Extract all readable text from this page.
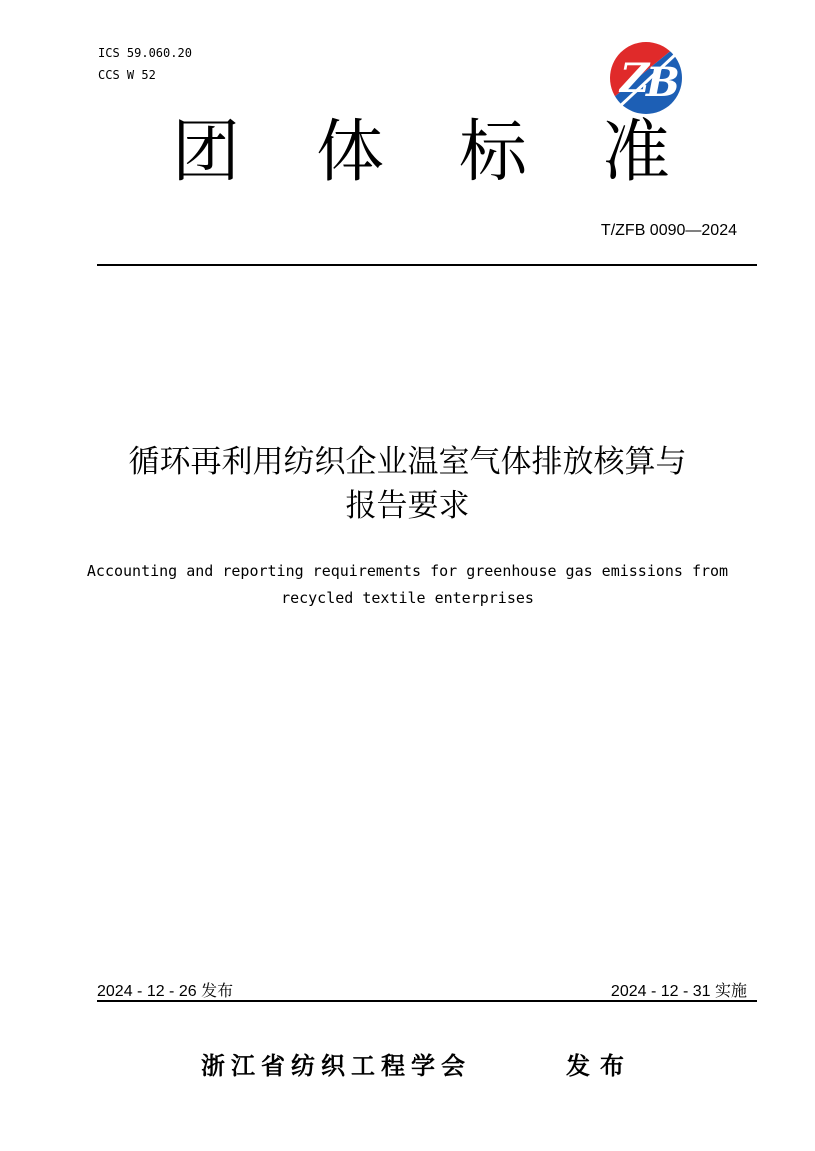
ICS 59.060.20
CCS W 52	Z
B
团 体 标 准
T/ZFB 0090—2024
循环再利用纺织企业温室气体排放核算与
报告要求
Accounting and reporting requirements for greenhouse gas emissions from
recycled textile enterprises
2024 - 12 - 26 发布	2024 - 12 - 31 实施
浙江省纺织工程学会	发布
